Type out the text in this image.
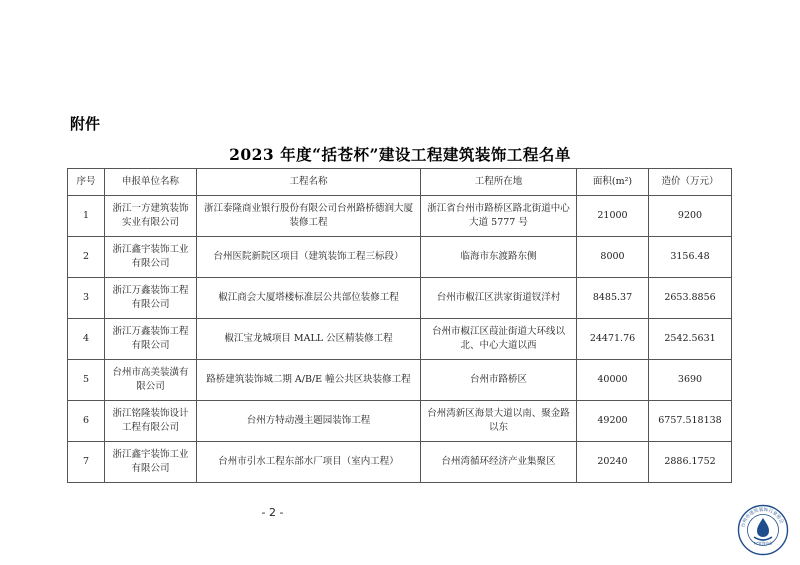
附件
2023 年度“括苍杯”建设工程建筑装饰工程名单
序号	申报单位名称	工程名称	工程所在地	面积(m²)	造价（万元）
1	浙江一方建筑装饰实业有限公司	浙江泰隆商业银行股份有限公司台州路桥德润大厦装修工程	浙江省台州市路桥区路北街道中心大道 5777 号	21000	9200
2	浙江鑫宇装饰工业有限公司	台州医院新院区项目（建筑装饰工程三标段）	临海市东渡路东侧	8000	3156.48
3	浙江万鑫装饰工程有限公司	椒江商会大厦塔楼标准层公共部位装修工程	台州市椒江区洪家街道钗洋村	8485.37	2653.8856
4	浙江万鑫装饰工程有限公司	椒江宝龙城项目 MALL 公区精装修工程	台州市椒江区葭沚街道大环线以北、中心大道以西	24471.76	2542.5631
5	台州市高美装潢有限公司	路桥建筑装饰城二期 A/B/E 幢公共区块装修工程	台州市路桥区	40000	3690
6	浙江铭隆装饰设计工程有限公司	台州方特动漫主题园装饰工程	台州湾新区海景大道以南、聚金路以东	49200	6757.518138
7	浙江鑫宇装饰工业有限公司	台州市引水工程东部水厂项目（室内工程）	台州湾循环经济产业集聚区	20240	2886.1752
- 2 -
台州市建筑装饰行业协会
TZ装饰协会
